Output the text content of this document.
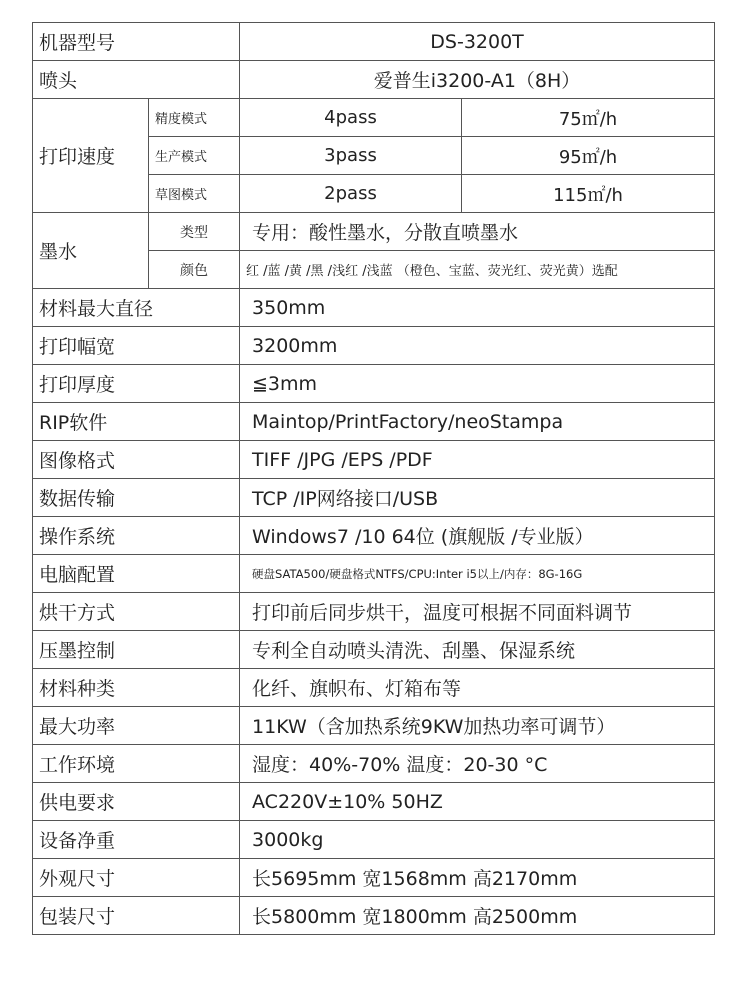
机器型号		DS-3200T	
喷头		爱普生i3200-A1（8H）	
打印速度	精度模式	4pass	75㎡/h
	生产模式	3pass	95㎡/h
	草图模式	2pass	115㎡/h
墨水	类型	专用：酸性墨水，分散直喷墨水	
	颜色	红 /蓝 /黄 /黑 /浅红 /浅蓝 （橙色、宝蓝、荧光红、荧光黄）选配	
材料最大直径		350mm	
打印幅宽		3200mm	
打印厚度		≦3mm	
RIP软件		Maintop/PrintFactory/neoStampa	
图像格式		TIFF /JPG /EPS /PDF	
数据传输		TCP /IP网络接口/USB	
操作系统		Windows7 /10 64位 (旗舰版 /专业版）	
电脑配置		硬盘SATA500/硬盘格式NTFS/CPU:Inter i5以上/内存：8G-16G	
烘干方式		打印前后同步烘干，温度可根据不同面料调节	
压墨控制		专利全自动喷头清洗、刮墨、保湿系统	
材料种类		化纤、旗帜布、灯箱布等	
最大功率		11KW（含加热系统9KW加热功率可调节）	
工作环境		湿度：40%-70% 温度：20-30 °C	
供电要求		AC220V±10% 50HZ	
设备净重		3000kg	
外观尺寸		长5695mm 宽1568mm 高2170mm	
包装尺寸		长5800mm 宽1800mm 高2500mm	
